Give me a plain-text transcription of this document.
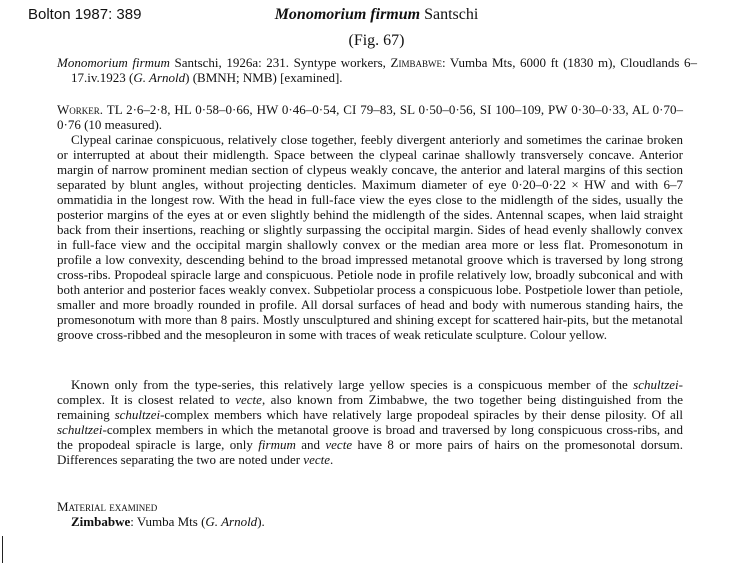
Bolton 1987: 389	Monomorium firmum Santschi
(Fig. 67)
Monomorium firmum Santschi, 1926a: 231. Syntype workers, Zimbabwe: Vumba Mts, 6000 ft (1830 m), Cloudlands 6–17.iv.1923 (G. Arnold) (BMNH; NMB) [examined].
Worker. TL 2·6–2·8, HL 0·58–0·66, HW 0·46–0·54, CI 79–83, SL 0·50–0·56, SI 100–109, PW 0·30–0·33, AL 0·70–0·76 (10 measured).

Clypeal carinae conspicuous, relatively close together, feebly divergent anteriorly and sometimes the carinae broken or interrupted at about their midlength. Space between the clypeal carinae shallowly transversely concave. Anterior margin of narrow prominent median section of clypeus weakly concave, the anterior and lateral margins of this section separated by blunt angles, without projecting denticles. Maximum diameter of eye 0·20–0·22 × HW and with 6–7 ommatidia in the longest row. With the head in full-face view the eyes close to the midlength of the sides, usually the posterior margins of the eyes at or even slightly behind the midlength of the sides. Antennal scapes, when laid straight back from their insertions, reaching or slightly surpassing the occipital margin. Sides of head evenly shallowly convex in full-face view and the occipital margin shallowly convex or the median area more or less flat. Promesonotum in profile a low convexity, descending behind to the broad impressed metanotal groove which is traversed by long strong cross-ribs. Propodeal spiracle large and conspicuous. Petiole node in profile relatively low, broadly subconical and with both anterior and posterior faces weakly convex. Subpetiolar process a conspicuous lobe. Postpetiole lower than petiole, smaller and more broadly rounded in profile. All dorsal surfaces of head and body with numerous standing hairs, the promesonotum with more than 8 pairs. Mostly unsculptured and shining except for scattered hair-pits, but the metanotal groove cross-ribbed and the mesopleuron in some with traces of weak reticulate sculpture. Colour yellow.

Known only from the type-series, this relatively large yellow species is a conspicuous member of the schultzei-complex. It is closest related to vecte, also known from Zimbabwe, the two together being distinguished from the remaining schultzei-complex members which have relatively large propodeal spiracles by their dense pilosity. Of all schultzei-complex members in which the metanotal groove is broad and traversed by long conspicuous cross-ribs, and the propodeal spiracle is large, only firmum and vecte have 8 or more pairs of hairs on the promesonotal dorsum. Differences separating the two are noted under vecte.
Material examined
Zimbabwe: Vumba Mts (G. Arnold).
